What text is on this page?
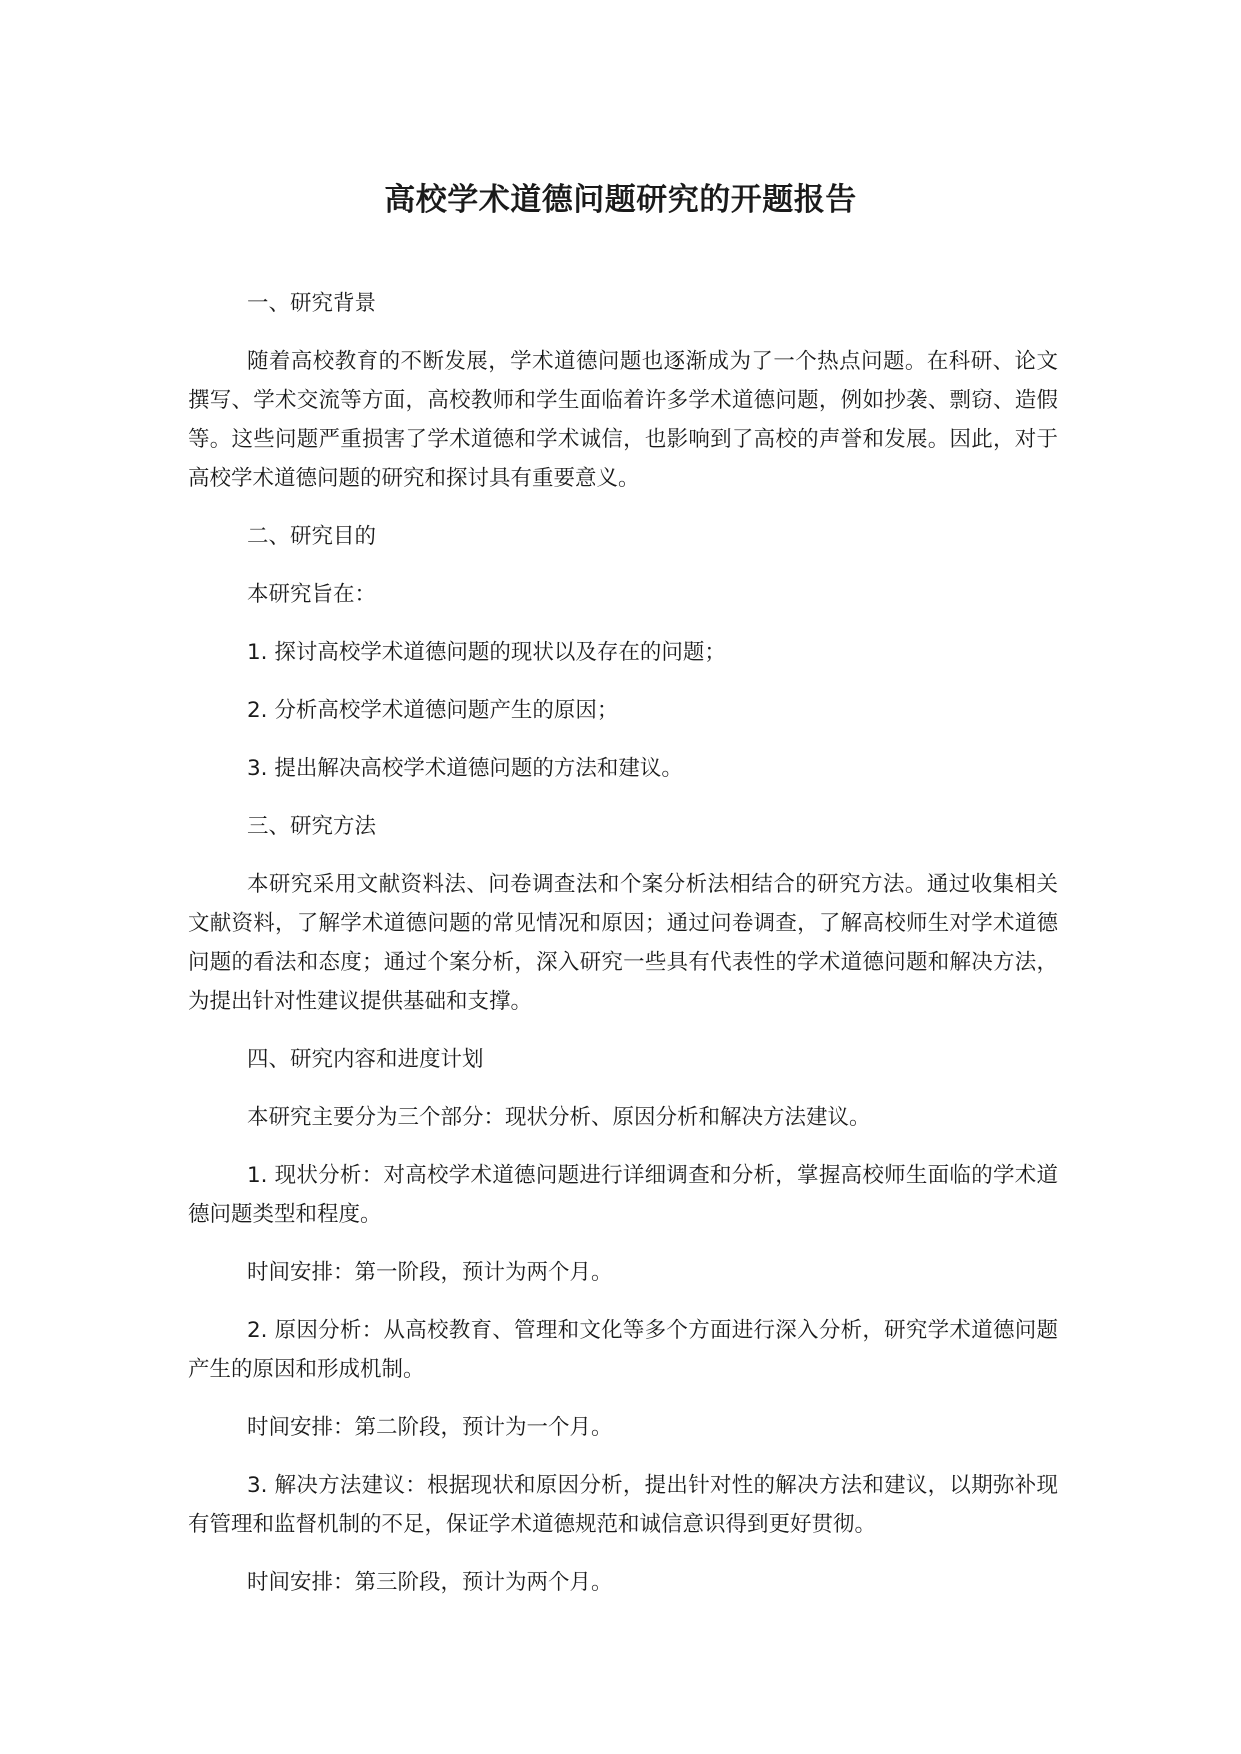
高校学术道德问题研究的开题报告

一、研究背景

随着高校教育的不断发展，学术道德问题也逐渐成为了一个热点问题。在科研、论文撰写、学术交流等方面，高校教师和学生面临着许多学术道德问题，例如抄袭、剽窃、造假等。这些问题严重损害了学术道德和学术诚信，也影响到了高校的声誉和发展。因此，对于高校学术道德问题的研究和探讨具有重要意义。

二、研究目的

本研究旨在：

1. 探讨高校学术道德问题的现状以及存在的问题；

2. 分析高校学术道德问题产生的原因；

3. 提出解决高校学术道德问题的方法和建议。

三、研究方法

本研究采用文献资料法、问卷调查法和个案分析法相结合的研究方法。通过收集相关文献资料，了解学术道德问题的常见情况和原因；通过问卷调查，了解高校师生对学术道德问题的看法和态度；通过个案分析，深入研究一些具有代表性的学术道德问题和解决方法，为提出针对性建议提供基础和支撑。

四、研究内容和进度计划

本研究主要分为三个部分：现状分析、原因分析和解决方法建议。

1. 现状分析：对高校学术道德问题进行详细调查和分析，掌握高校师生面临的学术道德问题类型和程度。

时间安排：第一阶段，预计为两个月。

2. 原因分析：从高校教育、管理和文化等多个方面进行深入分析，研究学术道德问题产生的原因和形成机制。

时间安排：第二阶段，预计为一个月。

3. 解决方法建议：根据现状和原因分析，提出针对性的解决方法和建议，以期弥补现有管理和监督机制的不足，保证学术道德规范和诚信意识得到更好贯彻。

时间安排：第三阶段，预计为两个月。
